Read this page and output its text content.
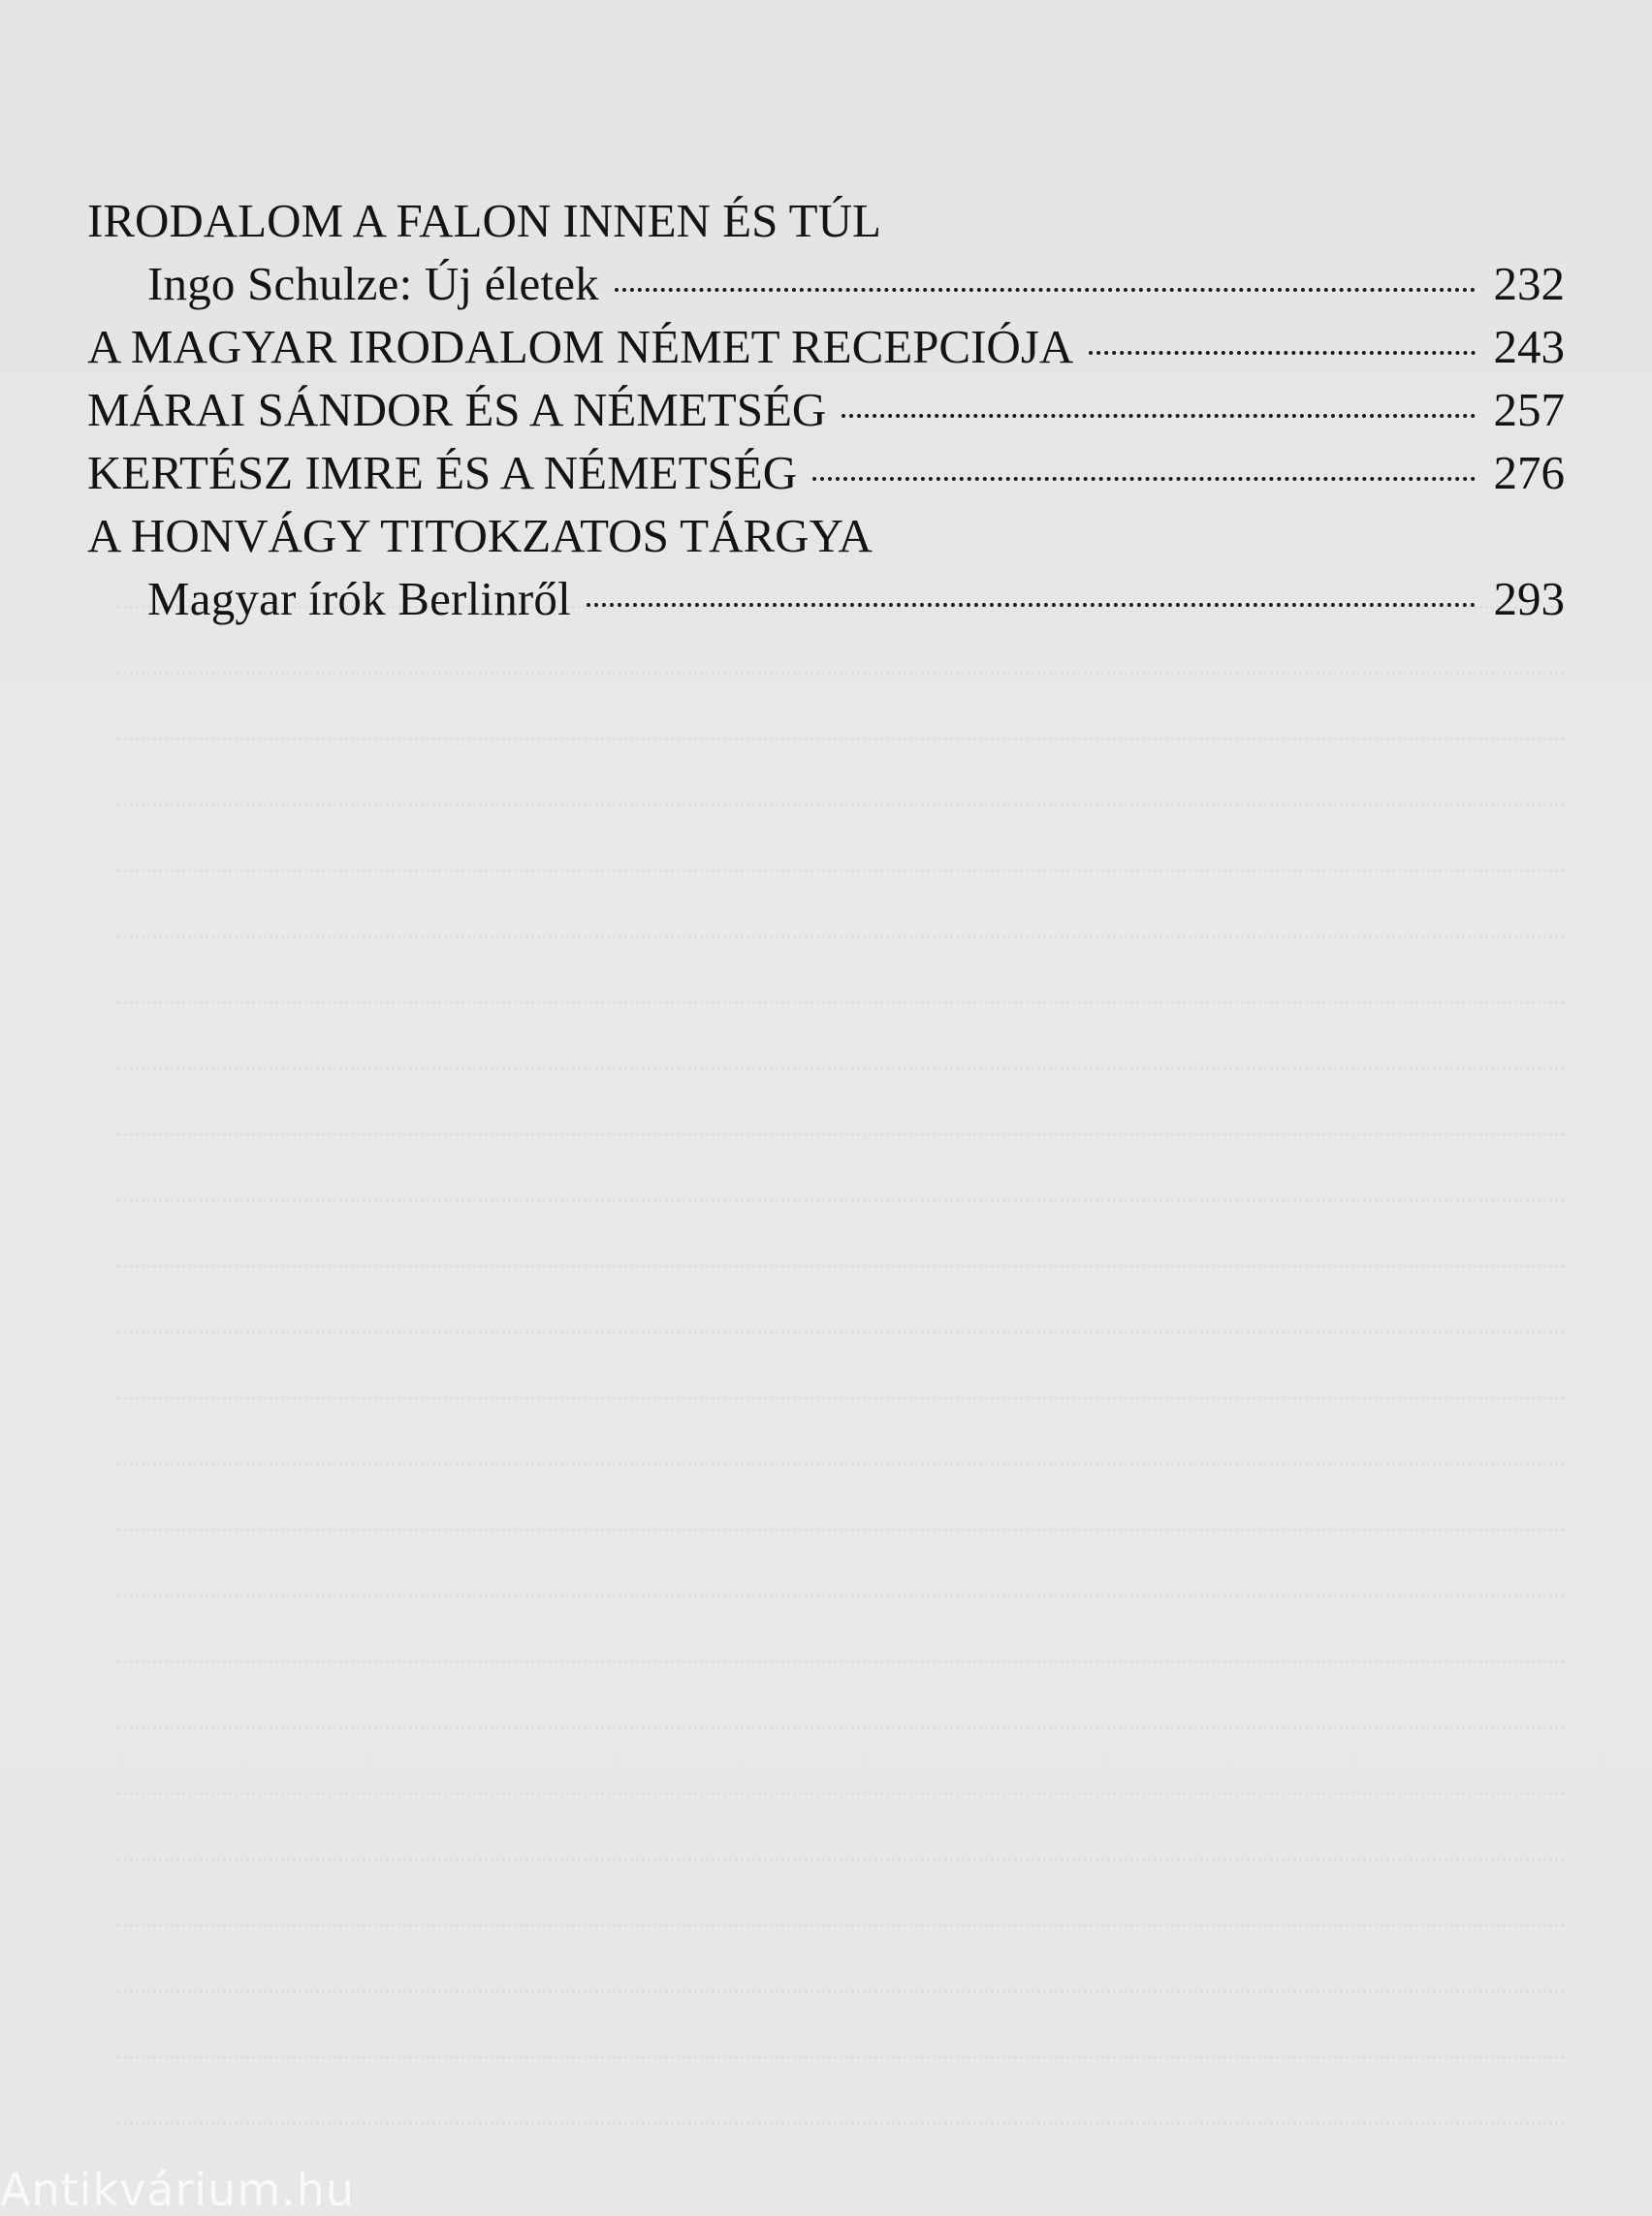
IRODALOM A FALON INNEN ÉS TÚL
Ingo Schulze: Új életek	232
A MAGYAR IRODALOM NÉMET RECEPCIÓJA	243
MÁRAI SÁNDOR ÉS A NÉMETSÉG	257
KERTÉSZ IMRE ÉS A NÉMETSÉG	276
A HONVÁGY TITOKZATOS TÁRGYA
Magyar írók Berlinről	293
Antikvárium.hu
